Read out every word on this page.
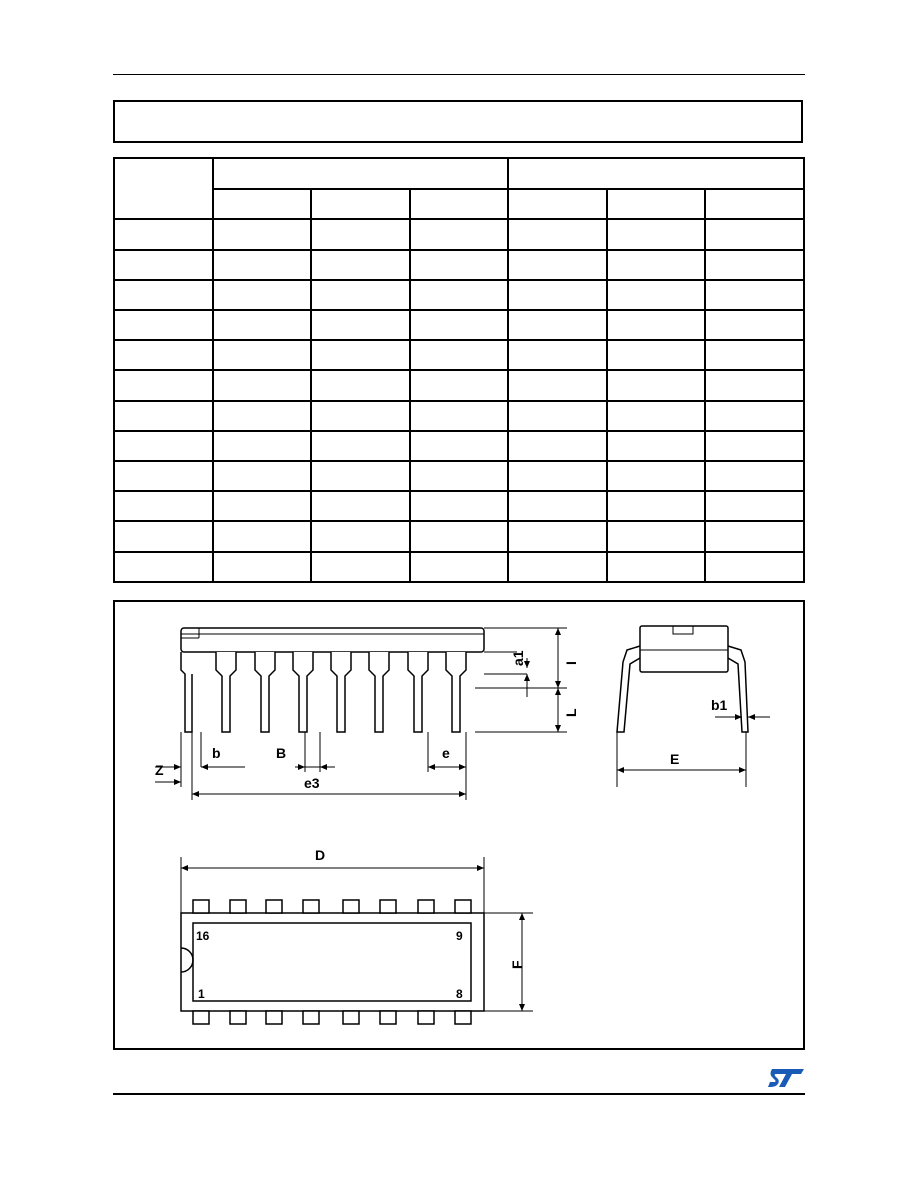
I
a1
L	b1
E
Z
b	B	e
e3
D
F
16	9
1	8
